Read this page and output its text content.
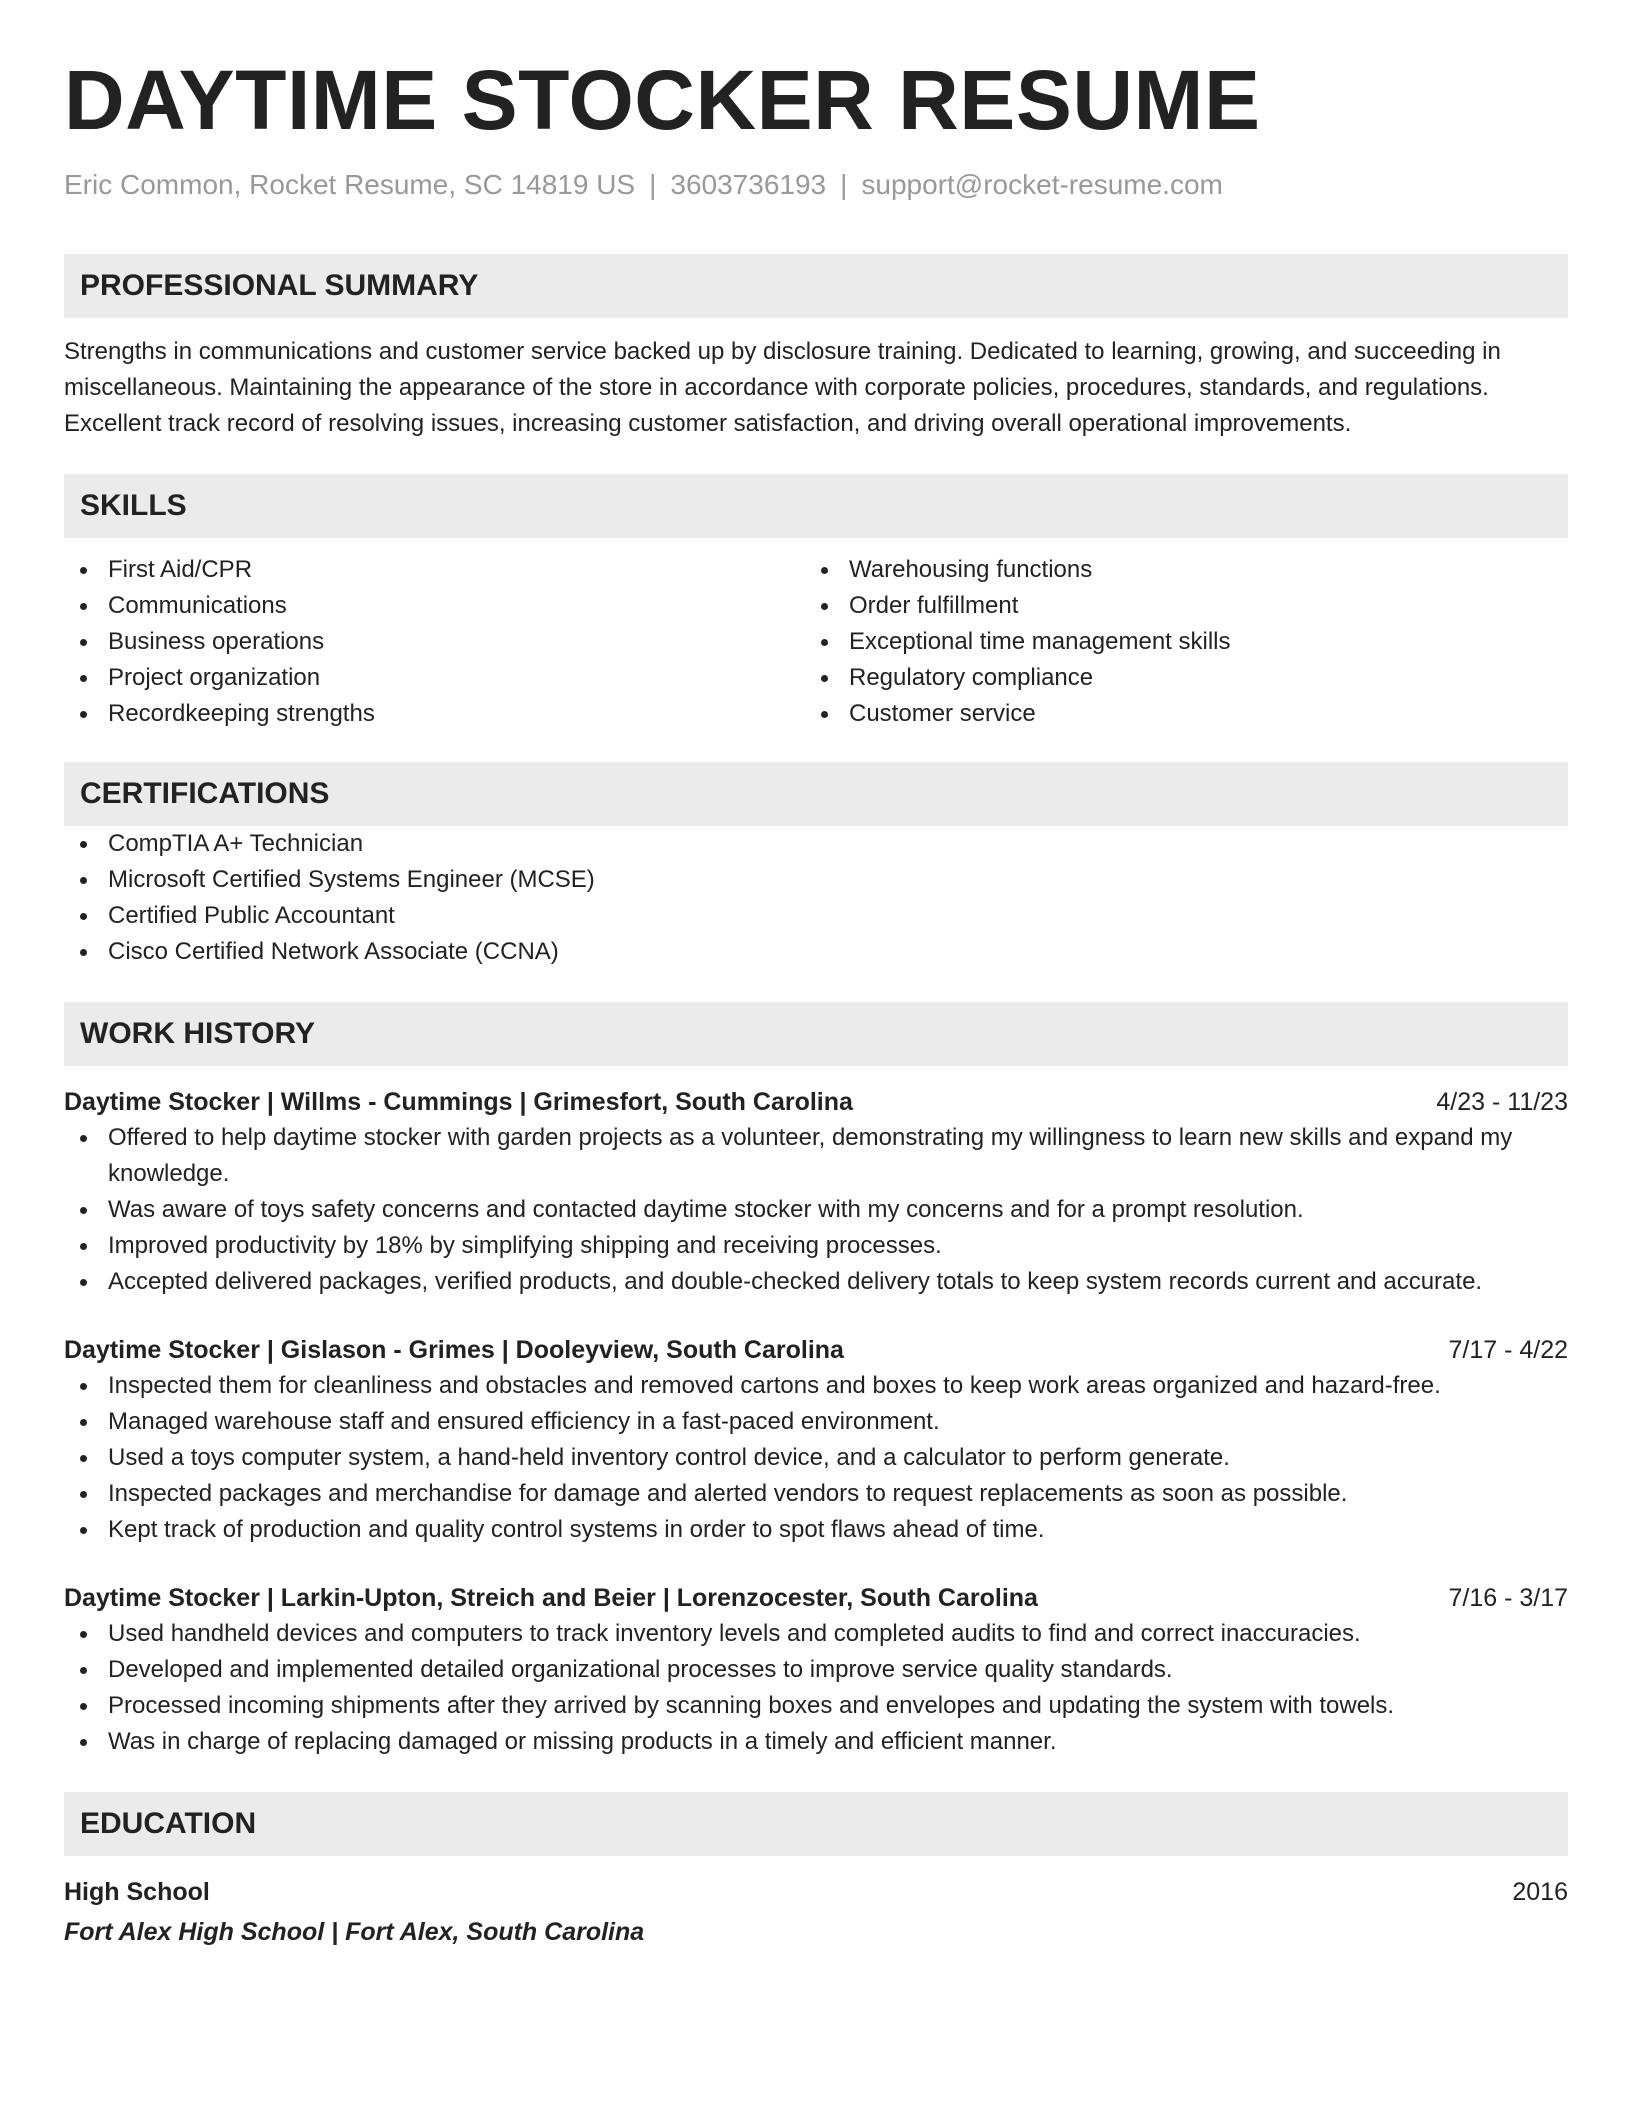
DAYTIME STOCKER RESUME
Eric Common, Rocket Resume, SC 14819 US | 3603736193 | support@rocket-resume.com
PROFESSIONAL SUMMARY

Strengths in communications and customer service backed up by disclosure training. Dedicated to learning, growing, and succeeding in miscellaneous. Maintaining the appearance of the store in accordance with corporate policies, procedures, standards, and regulations. Excellent track record of resolving issues, increasing customer satisfaction, and driving overall operational improvements.

SKILLS
First Aid/CPR
Communications
Business operations
Project organization
Recordkeeping strengths
Warehousing functions
Order fulfillment
Exceptional time management skills
Regulatory compliance
Customer service
CERTIFICATIONS
CompTIA A+ Technician
Microsoft Certified Systems Engineer (MCSE)
Certified Public Accountant
Cisco Certified Network Associate (CCNA)
WORK HISTORY
Daytime Stocker | Willms - Cummings | Grimesfort, South Carolina	4/23 - 11/23
Offered to help daytime stocker with garden projects as a volunteer, demonstrating my willingness to learn new skills and expand my knowledge.
Was aware of toys safety concerns and contacted daytime stocker with my concerns and for a prompt resolution.
Improved productivity by 18% by simplifying shipping and receiving processes.
Accepted delivered packages, verified products, and double-checked delivery totals to keep system records current and accurate.
Daytime Stocker | Gislason - Grimes | Dooleyview, South Carolina	7/17 - 4/22
Inspected them for cleanliness and obstacles and removed cartons and boxes to keep work areas organized and hazard-free.
Managed warehouse staff and ensured efficiency in a fast-paced environment.
Used a toys computer system, a hand-held inventory control device, and a calculator to perform generate.
Inspected packages and merchandise for damage and alerted vendors to request replacements as soon as possible.
Kept track of production and quality control systems in order to spot flaws ahead of time.
Daytime Stocker | Larkin-Upton, Streich and Beier | Lorenzocester, South Carolina	7/16 - 3/17
Used handheld devices and computers to track inventory levels and completed audits to find and correct inaccuracies.
Developed and implemented detailed organizational processes to improve service quality standards.
Processed incoming shipments after they arrived by scanning boxes and envelopes and updating the system with towels.
Was in charge of replacing damaged or missing products in a timely and efficient manner.
EDUCATION
High School	2016
Fort Alex High School | Fort Alex, South Carolina
